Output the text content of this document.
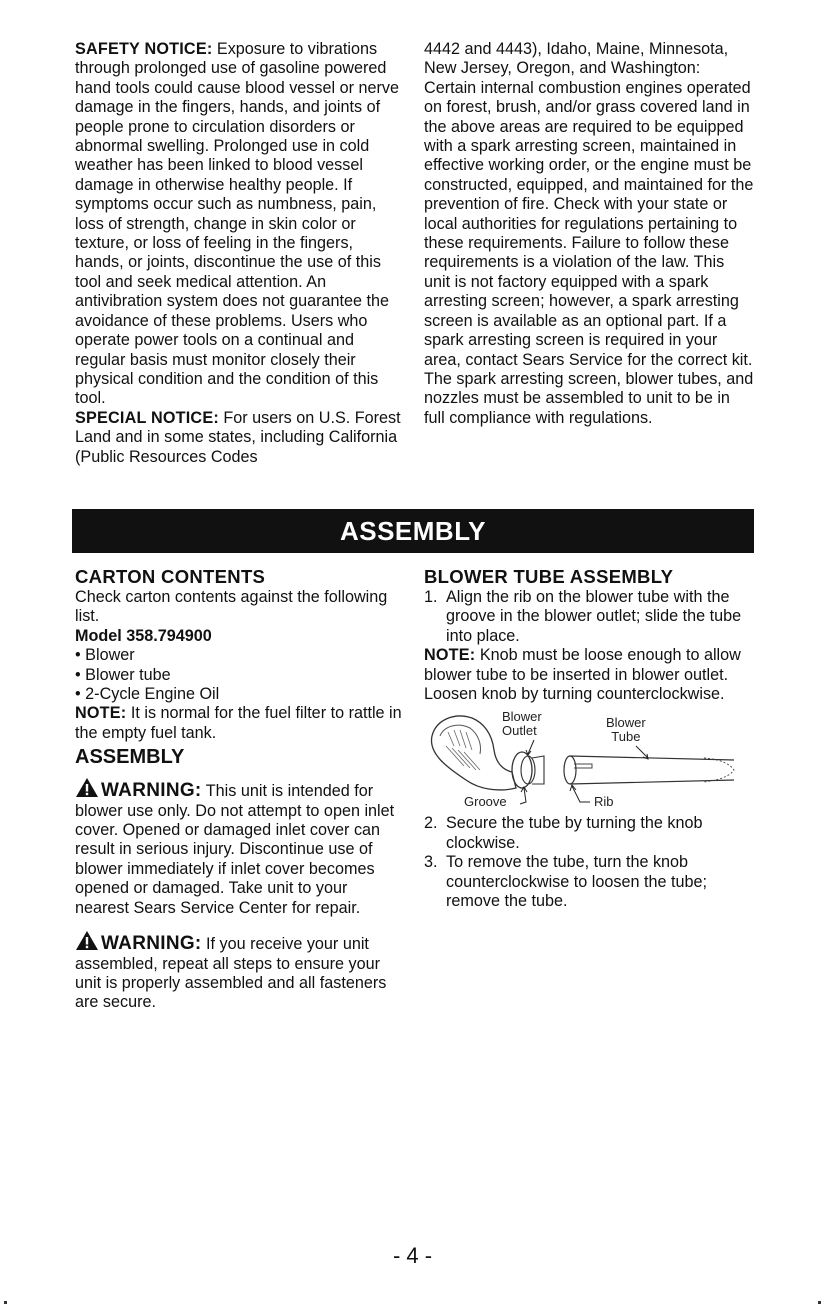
SAFETY NOTICE: Exposure to vibrations through prolonged use of gasoline powered hand tools could cause blood vessel or nerve damage in the fingers, hands, and joints of people prone to circulation disorders or abnormal swelling. Prolonged use in cold weather has been linked to blood vessel damage in otherwise healthy people. If symptoms occur such as numbness, pain, loss of strength, change in skin color or texture, or loss of feeling in the fingers, hands, or joints, discontinue the use of this tool and seek medical attention. An antivibration system does not guarantee the avoidance of these problems. Users who operate power tools on a continual and regular basis must monitor closely their physical condition and the condition of this tool.

SPECIAL NOTICE: For users on U.S. Forest Land and in some states, including California (Public Resources Codes

4442 and 4443), Idaho, Maine, Minnesota, New Jersey, Oregon, and Washington: Certain internal combustion engines operated on forest, brush, and/or grass covered land in the above areas are required to be equipped with a spark arresting screen, maintained in effective working order, or the engine must be constructed, equipped, and maintained for the prevention of fire. Check with your state or local authorities for regulations pertaining to these requirements. Failure to follow these requirements is a violation of the law. This unit is not factory equipped with a spark arresting screen; however, a spark arresting screen is available as an optional part. If a spark arresting screen is required in your area, contact Sears Service for the correct kit. The spark arresting screen, blower tubes, and nozzles must be assembled to unit to be in full compliance with regulations.

ASSEMBLY

CARTON CONTENTS

Check carton contents against the following list.

Model 358.794900

• Blower
• Blower tube
• 2-Cycle Engine Oil

NOTE: It is normal for the fuel filter to rattle in the empty fuel tank.

ASSEMBLY

WARNING: This unit is intended for blower use only. Do not attempt to open inlet cover. Opened or damaged inlet cover can result in serious injury. Discontinue use of blower immediately if inlet cover becomes opened or damaged. Take unit to your nearest Sears Service Center for repair.

WARNING: If you receive your unit assembled, repeat all steps to ensure your unit is properly assembled and all fasteners are secure.

BLOWER TUBE ASSEMBLY

1. Align the rib on the blower tube with the groove in the blower outlet; slide the tube into place.

NOTE: Knob must be loose enough to allow blower tube to be inserted in blower outlet. Loosen knob by turning counterclockwise.

Blower
Outlet
Blower
Tube
Groove	Rib
2. Secure the tube by turning the knob clockwise.
3. To remove the tube, turn the knob counterclockwise to loosen the tube; remove the tube.
- 4 -
